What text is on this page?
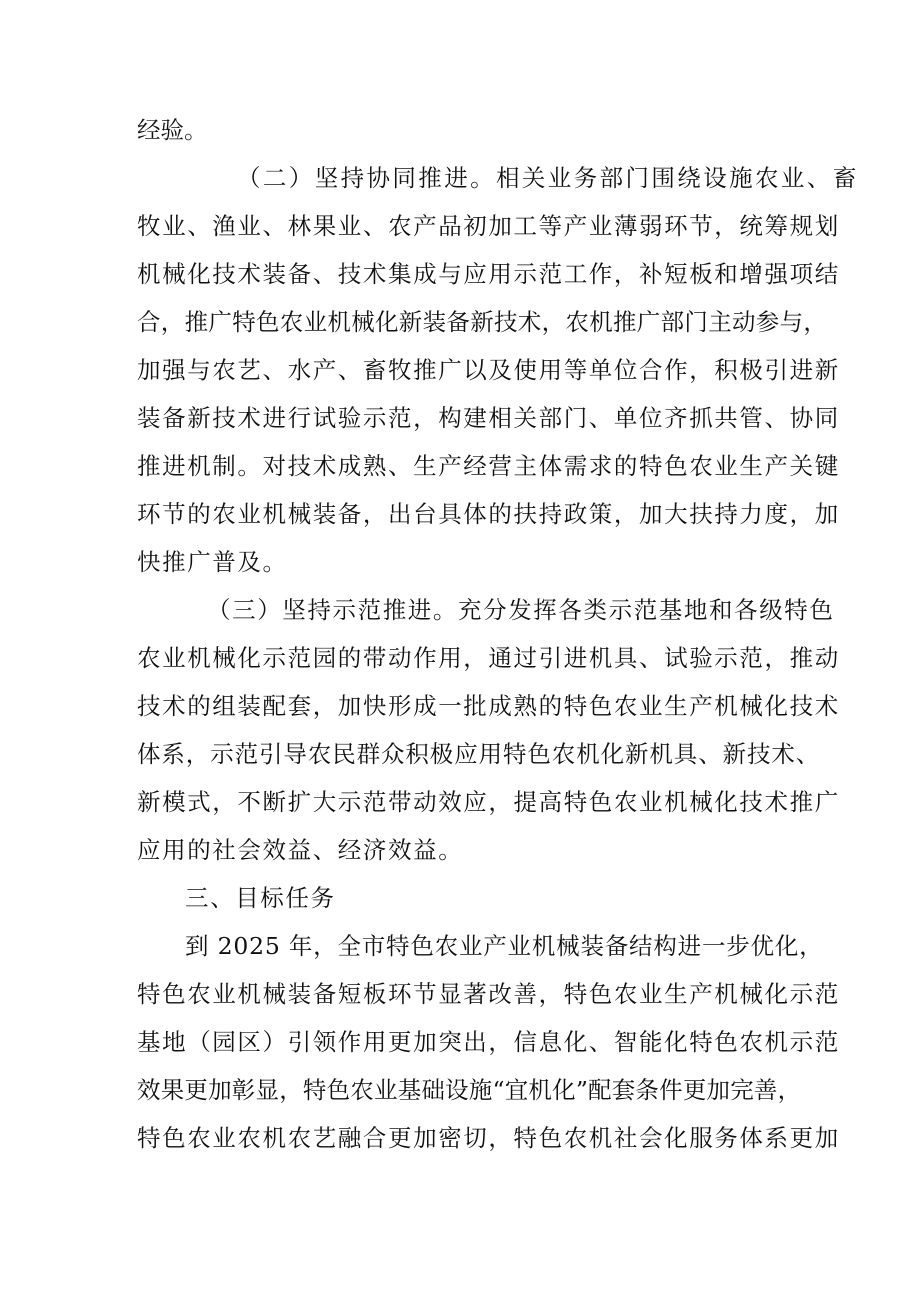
经验。
（二）坚持协同推进。相关业务部门围绕设施农业、畜
牧业、渔业、林果业、农产品初加工等产业薄弱环节，统筹规划
机械化技术装备、技术集成与应用示范工作，补短板和增强项结
合，推广特色农业机械化新装备新技术，农机推广部门主动参与，
加强与农艺、水产、畜牧推广以及使用等单位合作，积极引进新
装备新技术进行试验示范，构建相关部门、单位齐抓共管、协同
推进机制。对技术成熟、生产经营主体需求的特色农业生产关键
环节的农业机械装备，出台具体的扶持政策，加大扶持力度，加
快推广普及。
（三）坚持示范推进。充分发挥各类示范基地和各级特色
农业机械化示范园的带动作用，通过引进机具、试验示范，推动
技术的组装配套，加快形成一批成熟的特色农业生产机械化技术
体系，示范引导农民群众积极应用特色农机化新机具、新技术、
新模式，不断扩大示范带动效应，提高特色农业机械化技术推广
应用的社会效益、经济效益。
三、目标任务
到 2025 年，全市特色农业产业机械装备结构进一步优化，
特色农业机械装备短板环节显著改善，特色农业生产机械化示范
基地（园区）引领作用更加突出，信息化、智能化特色农机示范
效果更加彰显，特色农业基础设施“宜机化”配套条件更加完善，
特色农业农机农艺融合更加密切，特色农机社会化服务体系更加
